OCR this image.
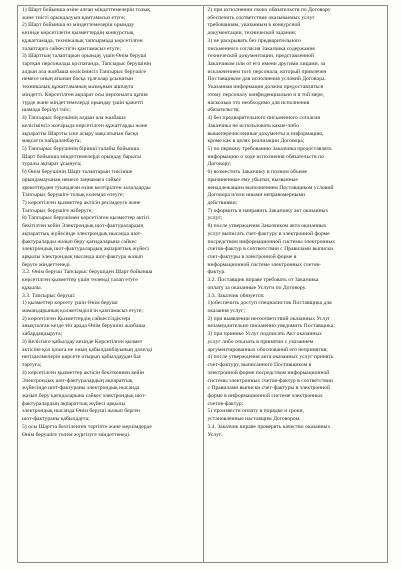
1) Шарт бойынша өзіне алған міндеттемелерін толық
және тиісті орындалуын қамтамасыз етуге;
2) Шарт бойынша өз міндеттемелерін орындау
кезінде көрсетілетін қызметтердің конкурстық
құжаттамада, техникалық тапсырмада көрсетілген
талаптарға сәйкестігін қамтамасыз етуге;
3) Шарттың талаптарын орындау үшін Өнім беруші
тартқан персоналды қоспағанда, Тапсырыс берушінің
алдын ала жазбаша келісімінсіз Тапсырыс берушіге
немесе оның атынан басқа тұлғалар ұсынатын
техникалық құжаттаманың мазмұнын ашпауға
міндетті. Көрсетілген ақпарат осы персоналға құпия
түрде және міндеттемелерді орындау үшін қажетті
шамада берілуі тиіс;
4) Тапсырыс берушінің алдын ала жазбаша
келісімінсіз жоғарыда көрсетілген құжаттарды және
ақпаратты Шартты іске асыру мақсатынан басқа
мақсатта пайдаланбауға;
5) Тапсырыс берушінің бірінші талабы бойынша
Шарт бойынша міндеттемелерді орындау барысы
туралы ақпарат ұсынуға;
6) Өнім берушінің Шарт талаптарын тиісінше
орындамауынан немесе заңнамаға сәйкес
әрекеттерден туындаған өзіне келтірілген залалдарды
Тапсырыс берушіге толық көлемде өтеуге;
7) көрсетілген қызметтер актісін ресімдеуге және
Тапсырыс берушіге жіберуге;
8) Тапсырыс берушімен көрсетілген қызметтер актісі
бекітілген кейін Электрондық шот-фактуралардың
ақпараттық жүйесінде электрондық нысанда шот-
фактураларды жазып беру қағидаларына сәйкес
электрондық шот-фактуралардың ақпараттық жүйесі
арқылы электрондық нысанда шот-фактура жазып
беруге міндеттенеді.
3.2. Өнім беруші Тапсырыс берушіден Шарт бойынша
көрсетілген қызметтер үшін төлемді талап етуге
құқылы.
3.3. Тапсырыс беруші:
1) қызметтер көрсету үшін Өнім беруші
мамандарының қолжетімділігін қамтамасыз етуге;
2) көрсетілген Қызметтердің сәйкессіздіктері
анықталған кезде тез арада Өнім берушіні жазбаша
хабардандыруға;
3) Келісімге қабылдау кезінде Көрсетілген қызмет
актісіне қол қоюға не оның қабылданбауының дәлелді
негізделмелерін көрсете отырып қабылдаудан бас
тартуға;
4) көрсетілген қызметтер актісін бекіткеннен кейін
Электрондық шот-фактуралардың ақпараттық
жүйесінде шот-фактураны электрондық нысанда
жазып беру қағидаларына сәйкес электрондық шот-
фактуралардың ақпараттық жүйесі арқылы
электрондық нысанда Өнім беруші жазып берген
шот-фактураны қабылдауға;
5) осы Шартта белгіленген тәртіпте және мерзімдерде
Өнім берушіге төлем жүргізуге міндеттенеді.
2) при исполнении своих обязательств по Договору
обеспечить соответствие оказываемых услуг
требованиям, указанным в конкурсной
документации, технической задании;
3) не раскрывать без предварительного
письменного согласия Заказчика содержание
технической документации, представленной
Заказчиком или от его имени другими лицами, за
исключением того персонала, который привлечен
Поставщиком для исполнения условий Договора.
Указанная информация должна предоставляться
этому персоналу конфиденциально и в той мере,
насколько это необходимо для исполнения
обязательств;
4) без предварительного письменного согласия
Заказчика не использовать какие-либо
вышеперечисленные документы и информацию,
кроме как в целях реализации Договора;
5) по первому требованию Заказчика предоставлять
информацию о ходе исполнения обязательств по
Договору;
6) возместить Заказчику в полном объеме
причиненные ему убытки, вызванные
ненадлежащим выполнением Поставщиком условий
Договора и/или иными неправомерными
действиями;
7) оформить и направить Заказчику акт оказанных
услуг;
8) после утверждения Заказчиком акта оказанных
услуг выписать счет-фактуру в электронной форме
посредством информационной системы электронных
счетов-фактур в соответствии с Правилами выписки
счет-фактуры в электронной форме в
информационной системе электронных счетов-
фактур.
3.2. Поставщик вправе требовать от Заказчика
оплату за оказанные Услуги по Договору.
3.3. Заказчик обязуется:
1)обеспечить доступ специалистов Поставщика для
оказания услуг;
2) при выявлении несоответствий оказанных Услуг
незамедлительно письменно уведомить Поставщика;
3) при приемке Услуг подписать Акт оказанных
услуг либо отказать в принятии с указанием
аргументированных обоснований его непринятия;
4) после утверждения акта оказанных услуг принять
счет-фактуру, выписанного Поставщиком в
электронной форме посредством информационной
системы электронных счетов-фактур в соответствии
с Правилами выписки счет-фактуры в электронной
форме в информационной системе электронных
счетов-фактур;
5) произвести оплату в порядке и сроки,
установленные настоящим Договором.
3.4. Заказчик вправе проверять качество оказанных
Услуг.
